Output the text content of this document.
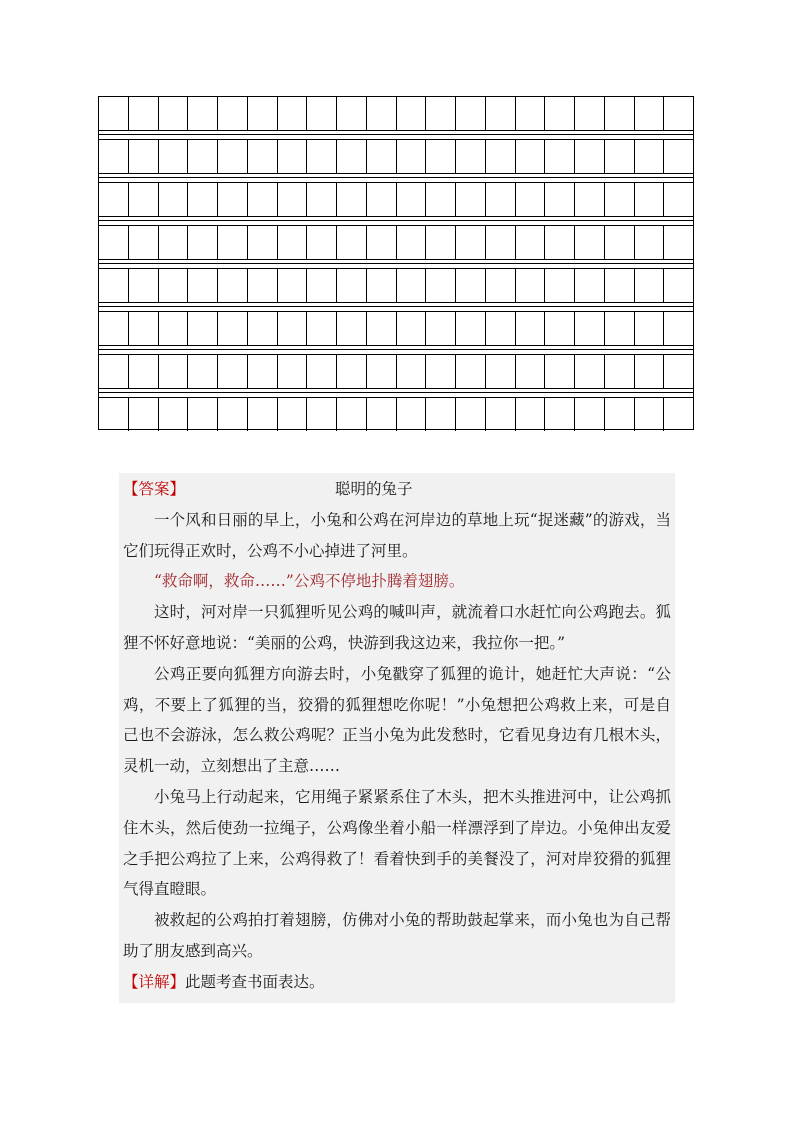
【答案】	聪明的兔子
一个风和日丽的早上，小兔和公鸡在河岸边的草地上玩“捉迷藏”的游戏，当它们玩得正欢时，公鸡不小心掉进了河里。
“救命啊，救命……”公鸡不停地扑腾着翅膀。
这时，河对岸一只狐狸听见公鸡的喊叫声，就流着口水赶忙向公鸡跑去。狐狸不怀好意地说：“美丽的公鸡，快游到我这边来，我拉你一把。”
公鸡正要向狐狸方向游去时，小兔戳穿了狐狸的诡计，她赶忙大声说：“公鸡，不要上了狐狸的当，狡猾的狐狸想吃你呢！”小兔想把公鸡救上来，可是自己也不会游泳，怎么救公鸡呢？正当小兔为此发愁时，它看见身边有几根木头，灵机一动，立刻想出了主意……
小兔马上行动起来，它用绳子紧紧系住了木头，把木头推进河中，让公鸡抓住木头，然后使劲一拉绳子，公鸡像坐着小船一样漂浮到了岸边。小兔伸出友爱之手把公鸡拉了上来，公鸡得救了！看着快到手的美餐没了，河对岸狡猾的狐狸气得直瞪眼。
被救起的公鸡拍打着翅膀，仿佛对小兔的帮助鼓起掌来，而小兔也为自己帮助了朋友感到高兴。
【详解】此题考查书面表达。
